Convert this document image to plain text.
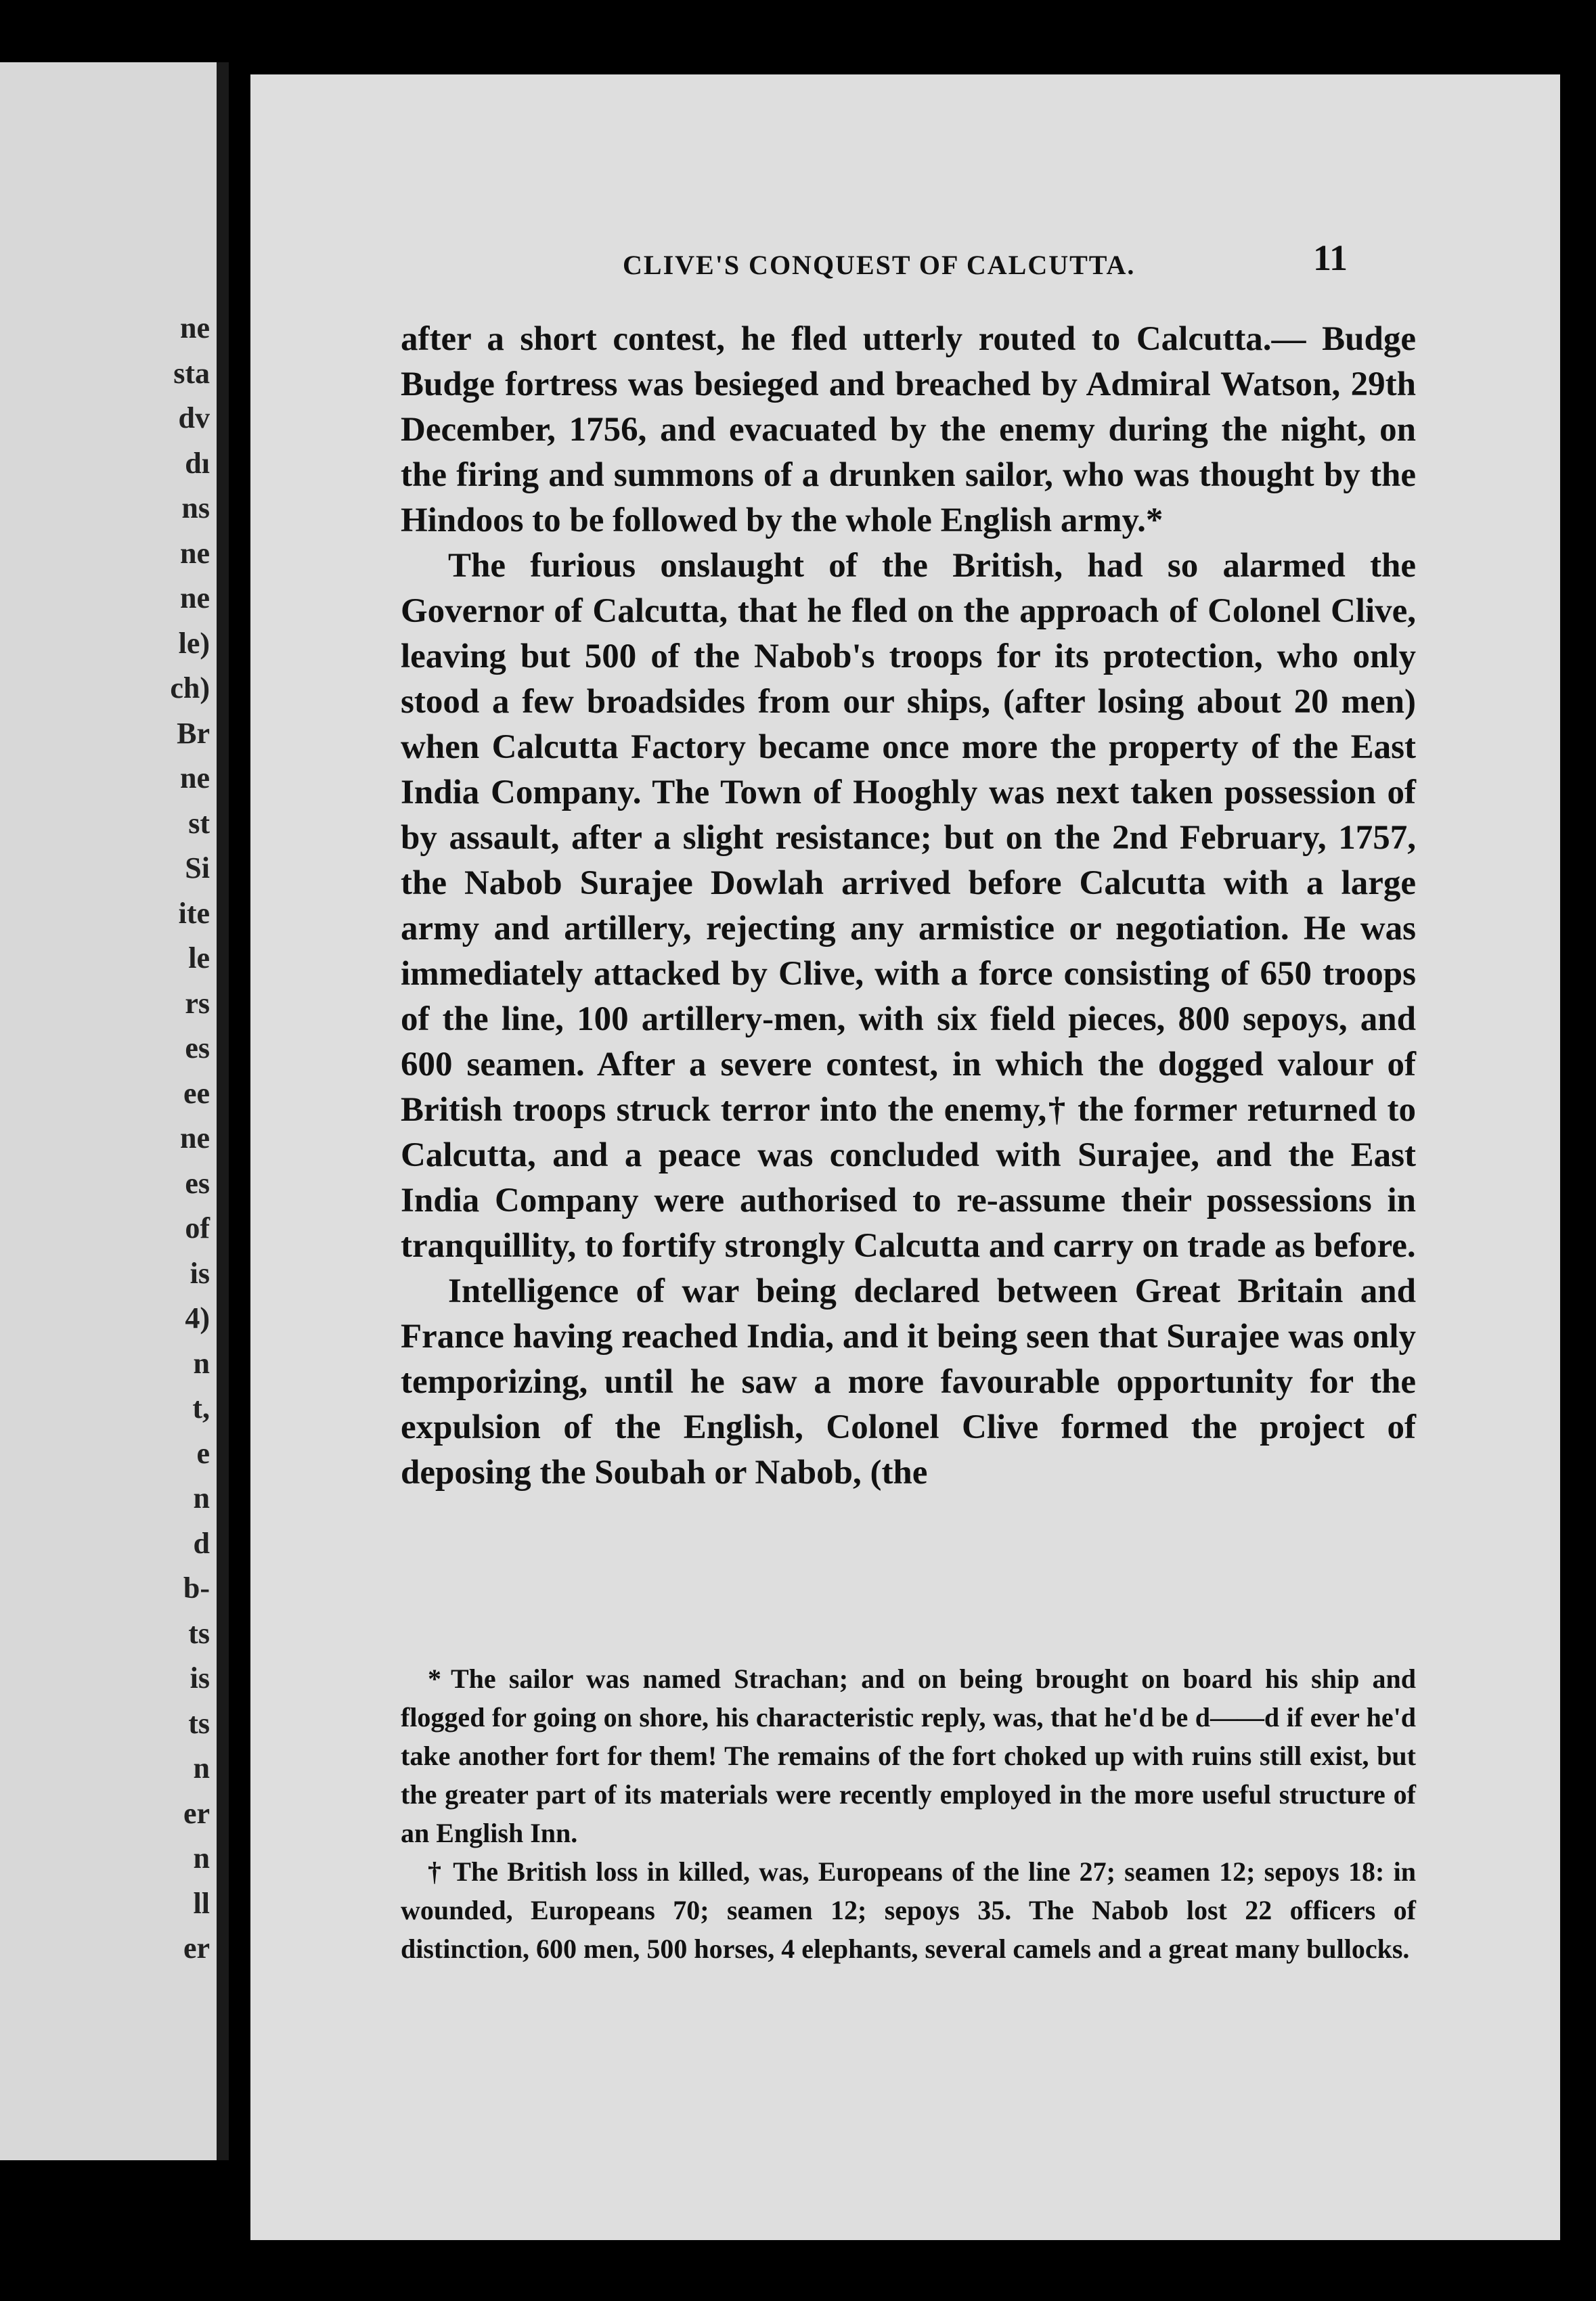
ne
sta
dv
dı
ns
ne
ne
le)
ch)
Br
ne
st
Si
ite
le
rs
es
ee
ne
es
of
is
4)
n
t,
e
n
d
b-
ts
is
ts
n
er
n
ll
er
CLIVE'S CONQUEST OF CALCUTTA.	11

after a short contest, he fled utterly routed to Calcutta.— Budge Budge fortress was besieged and breached by Admiral Watson, 29th December, 1756, and evacuated by the enemy during the night, on the firing and summons of a drunken sailor, who was thought by the Hindoos to be followed by the whole English army.*

The furious onslaught of the British, had so alarmed the Governor of Calcutta, that he fled on the approach of Colonel Clive, leaving but 500 of the Nabob's troops for its protection, who only stood a few broadsides from our ships, (after losing about 20 men) when Calcutta Factory became once more the property of the East India Company. The Town of Hooghly was next taken possession of by assault, after a slight resistance; but on the 2nd February, 1757, the Nabob Surajee Dowlah arrived before Calcutta with a large army and artillery, rejecting any armistice or negotiation. He was immediately attacked by Clive, with a force consisting of 650 troops of the line, 100 artillery-men, with six field pieces, 800 sepoys, and 600 seamen. After a severe contest, in which the dogged valour of British troops struck terror into the enemy,† the former returned to Calcutta, and a peace was concluded with Surajee, and the East India Company were authorised to re-assume their possessions in tranquillity, to fortify strongly Calcutta and carry on trade as before.

Intelligence of war being declared between Great Britain and France having reached India, and it being seen that Surajee was only temporizing, until he saw a more favourable opportunity for the expulsion of the English, Colonel Clive formed the project of deposing the Soubah or Nabob, (the

* The sailor was named Strachan; and on being brought on board his ship and flogged for going on shore, his characteristic reply, was, that he'd be d——d if ever he'd take another fort for them! The remains of the fort choked up with ruins still exist, but the greater part of its materials were recently employed in the more useful structure of an English Inn.

† The British loss in killed, was, Europeans of the line 27; seamen 12; sepoys 18: in wounded, Europeans 70; seamen 12; sepoys 35. The Nabob lost 22 officers of distinction, 600 men, 500 horses, 4 elephants, several camels and a great many bullocks.
